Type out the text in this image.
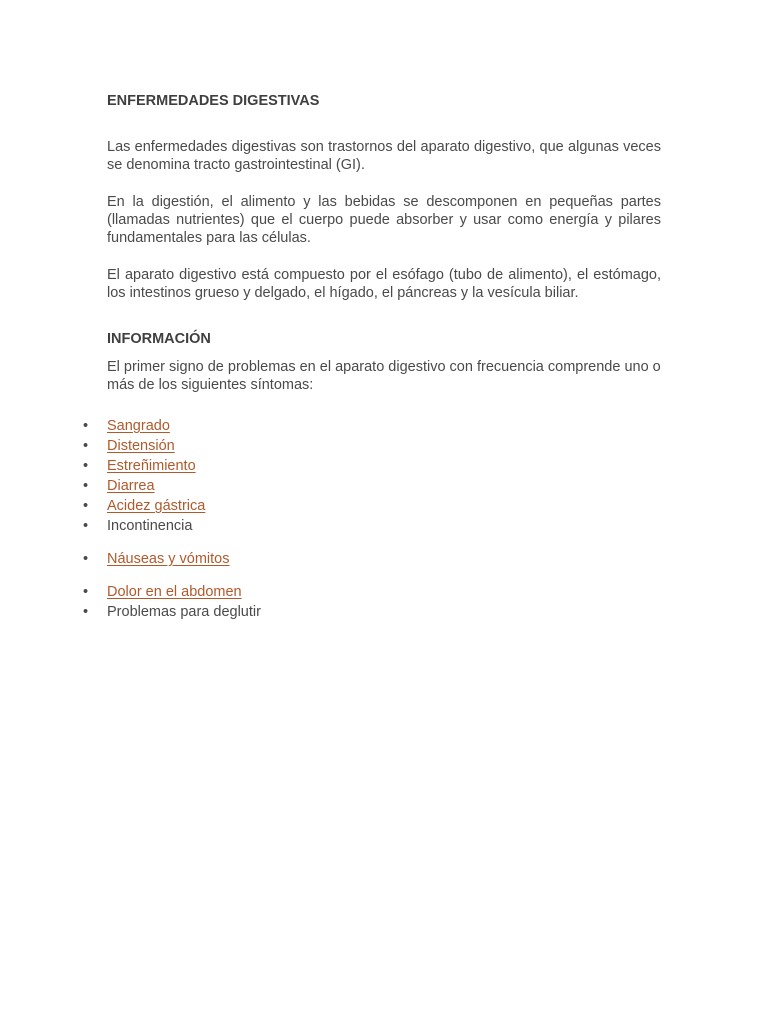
ENFERMEDADES DIGESTIVAS

Las enfermedades digestivas son trastornos del aparato digestivo, que algunas veces se denomina tracto gastrointestinal (GI).

En la digestión, el alimento y las bebidas se descomponen en pequeñas partes (llamadas nutrientes) que el cuerpo puede absorber y usar como energía y pilares fundamentales para las células.

El aparato digestivo está compuesto por el esófago (tubo de alimento), el estómago, los intestinos grueso y delgado, el hígado, el páncreas y la vesícula biliar.

INFORMACIÓN

El primer signo de problemas en el aparato digestivo con frecuencia comprende uno o más de los siguientes síntomas:

• Sangrado
• Distensión
• Estreñimiento
• Diarrea
• Acidez gástrica
• Incontinencia
• Náuseas y vómitos
• Dolor en el abdomen
• Problemas para deglutir
